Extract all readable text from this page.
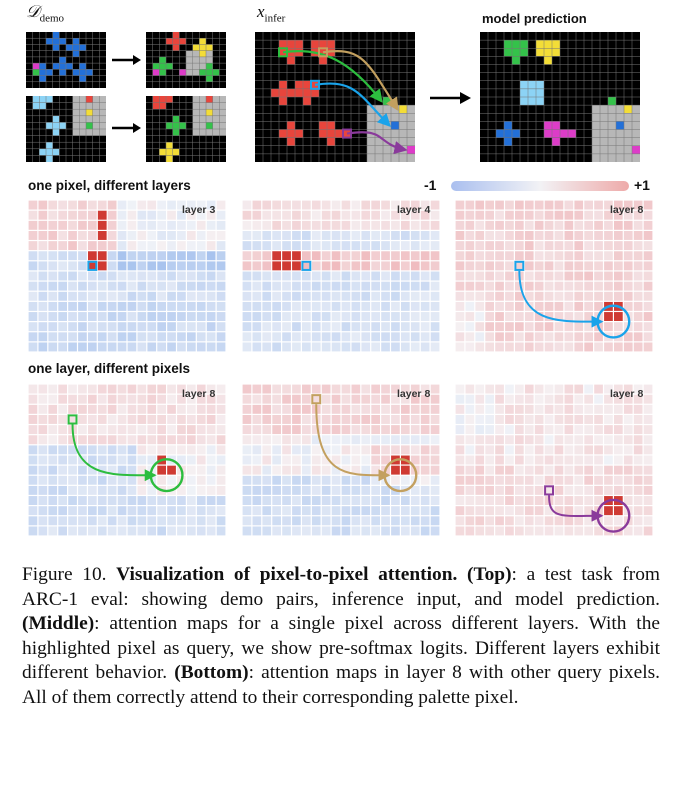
𝒟$_{demo}$	$x_{infer}$	model prediction
one pixel, different layers	-1	+1
layer 3	layer 4	layer 8
one layer, different pixels
layer 8	layer 8	layer 8
Figure 10. Visualization of pixel-to-pixel attention. (Top): a test task from ARC-1 eval: showing demo pairs, inference input, and model prediction. (Middle): attention maps for a single pixel across different layers. With the highlighted pixel as query, we show pre-softmax logits. Different layers exhibit different behavior. (Bottom): attention maps in layer 8 with other query pixels. All of them correctly attend to their corresponding palette pixel.
